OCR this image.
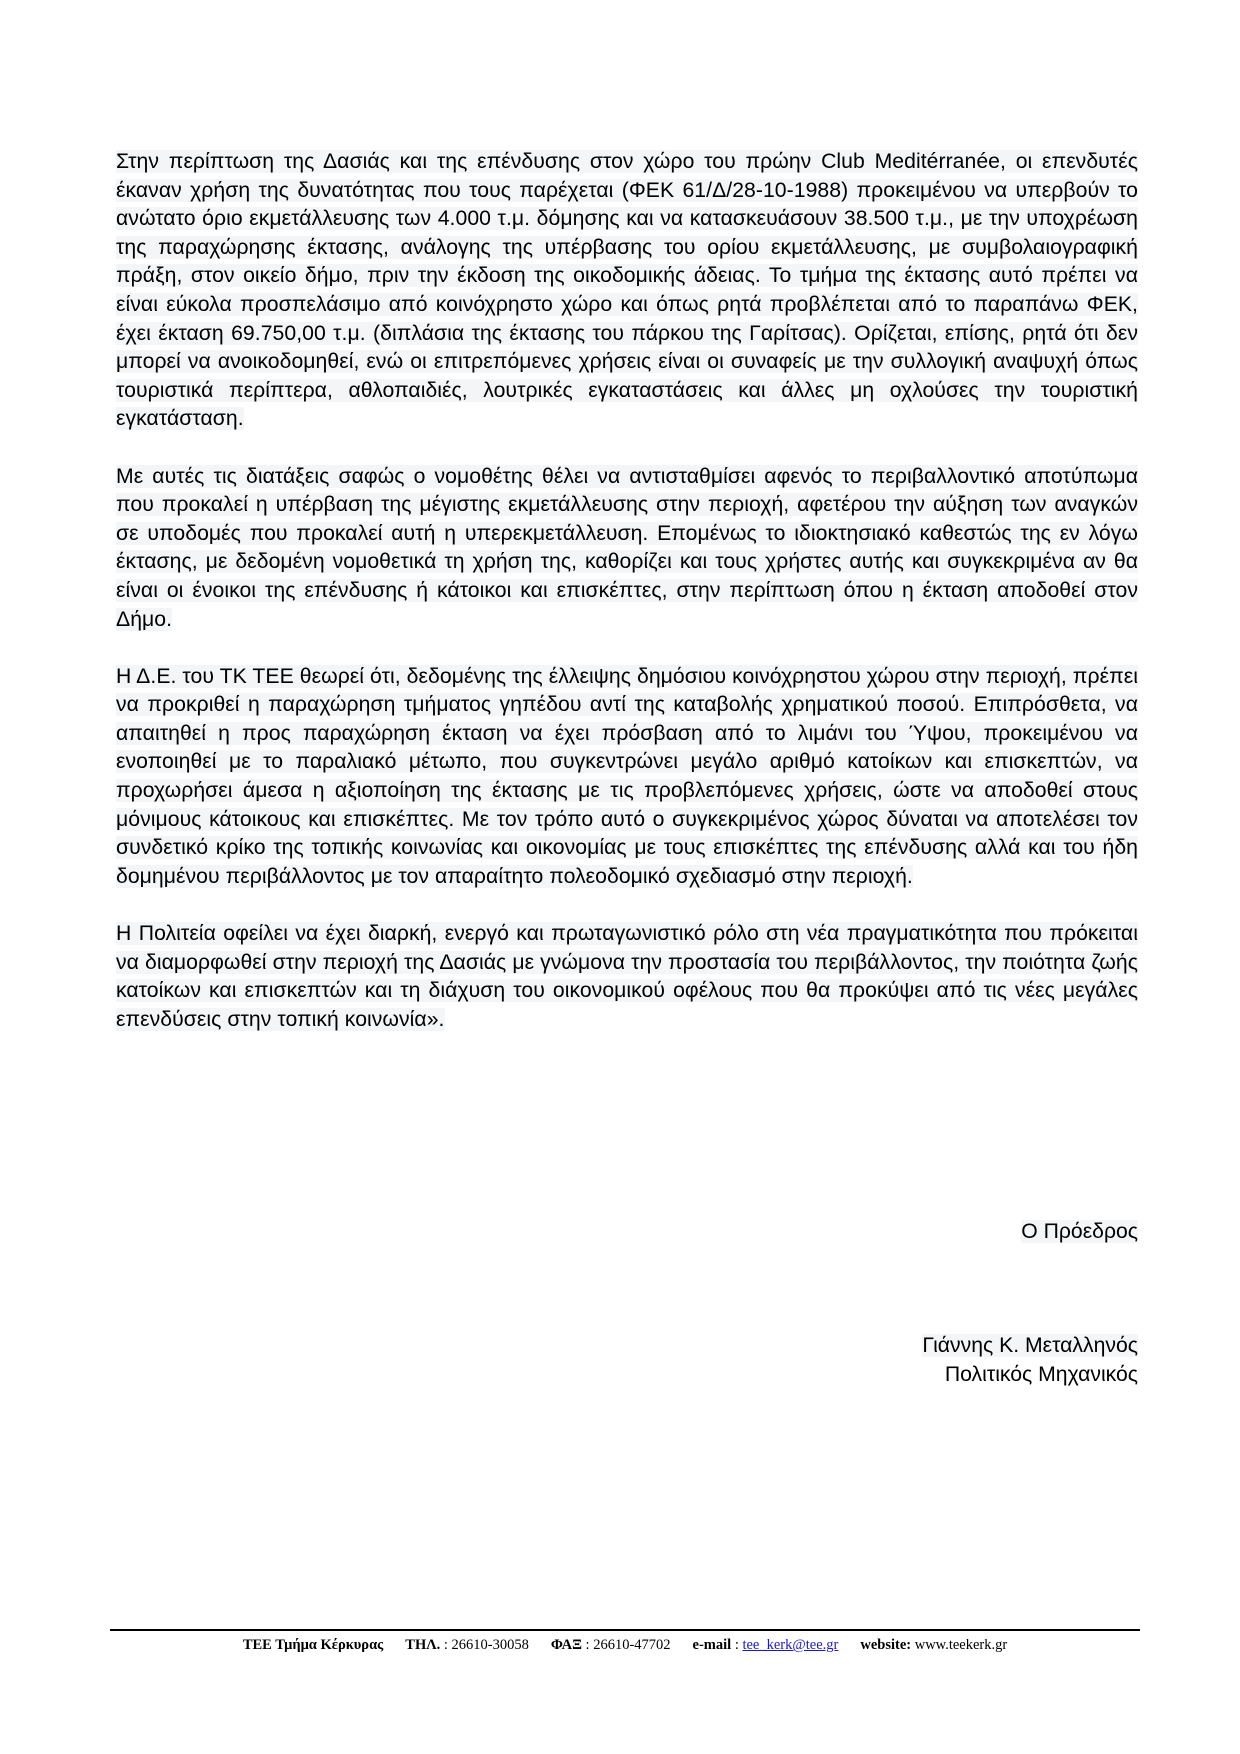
Στην περίπτωση της Δασιάς και της επένδυσης στον χώρο του πρώην Club Meditérranée, οι επενδυτές έκαναν χρήση της δυνατότητας που τους παρέχεται (ΦΕΚ 61/Δ/28-10-1988) προκειμένου να υπερβούν το ανώτατο όριο εκμετάλλευσης των 4.000 τ.μ. δόμησης και να κατασκευάσουν 38.500 τ.μ., με την υποχρέωση της παραχώρησης έκτασης, ανάλογης της υπέρβασης του ορίου εκμετάλλευσης, με συμβολαιογραφική πράξη, στον οικείο δήμο, πριν την έκδοση της οικοδομικής άδειας. Το τμήμα της έκτασης αυτό πρέπει να είναι εύκολα προσπελάσιμο από κοινόχρηστο χώρο και όπως ρητά προβλέπεται από το παραπάνω ΦΕΚ, έχει έκταση 69.750,00 τ.μ. (διπλάσια της έκτασης του πάρκου της Γαρίτσας). Ορίζεται, επίσης, ρητά ότι δεν μπορεί να ανοικοδομηθεί, ενώ οι επιτρεπόμενες χρήσεις είναι οι συναφείς με την συλλογική αναψυχή όπως τουριστικά περίπτερα, αθλοπαιδιές, λουτρικές εγκαταστάσεις και άλλες μη οχλούσες την τουριστική εγκατάσταση.

Με αυτές τις διατάξεις σαφώς ο νομοθέτης θέλει να αντισταθμίσει αφενός το περιβαλλοντικό αποτύπωμα που προκαλεί η υπέρβαση της μέγιστης εκμετάλλευσης στην περιοχή, αφετέρου την αύξηση των αναγκών σε υποδομές που προκαλεί αυτή η υπερεκμετάλλευση. Επομένως το ιδιοκτησιακό καθεστώς της εν λόγω έκτασης, με δεδομένη νομοθετικά τη χρήση της, καθορίζει και τους χρήστες αυτής και συγκεκριμένα αν θα είναι οι ένοικοι της επένδυσης ή κάτοικοι και επισκέπτες, στην περίπτωση όπου η έκταση αποδοθεί στον Δήμο.

Η Δ.Ε. του ΤΚ ΤΕΕ θεωρεί ότι, δεδομένης της έλλειψης δημόσιου κοινόχρηστου χώρου στην περιοχή, πρέπει να προκριθεί η παραχώρηση τμήματος γηπέδου αντί της καταβολής χρηματικού ποσού. Επιπρόσθετα, να απαιτηθεί η προς παραχώρηση έκταση να έχει πρόσβαση από το λιμάνι του Ύψου, προκειμένου να ενοποιηθεί με το παραλιακό μέτωπο, που συγκεντρώνει μεγάλο αριθμό κατοίκων και επισκεπτών, να προχωρήσει άμεσα η αξιοποίηση της έκτασης με τις προβλεπόμενες χρήσεις, ώστε να αποδοθεί στους μόνιμους κάτοικους και επισκέπτες. Με τον τρόπο αυτό ο συγκεκριμένος χώρος δύναται να αποτελέσει τον συνδετικό κρίκο της τοπικής κοινωνίας και οικονομίας με τους επισκέπτες της επένδυσης αλλά και του ήδη δομημένου περιβάλλοντος με τον απαραίτητο πολεοδομικό σχεδιασμό στην περιοχή.

Η Πολιτεία οφείλει να έχει διαρκή, ενεργό και πρωταγωνιστικό ρόλο στη νέα πραγματικότητα που πρόκειται να διαμορφωθεί στην περιοχή της Δασιάς με γνώμονα την προστασία του περιβάλλοντος, την ποιότητα ζωής κατοίκων και επισκεπτών και τη διάχυση του οικονομικού οφέλους που θα προκύψει από τις νέες μεγάλες επενδύσεις στην τοπική κοινωνία».

Ο Πρόεδρος
Γιάννης Κ. Μεταλληνός
Πολιτικός Μηχανικός
ΤΕΕ Τμήμα Κέρκυρας ΤΗΛ. : 26610-30058 ΦΑΞ : 26610-47702 e-mail : tee_kerk@tee.gr website: www.teekerk.gr
